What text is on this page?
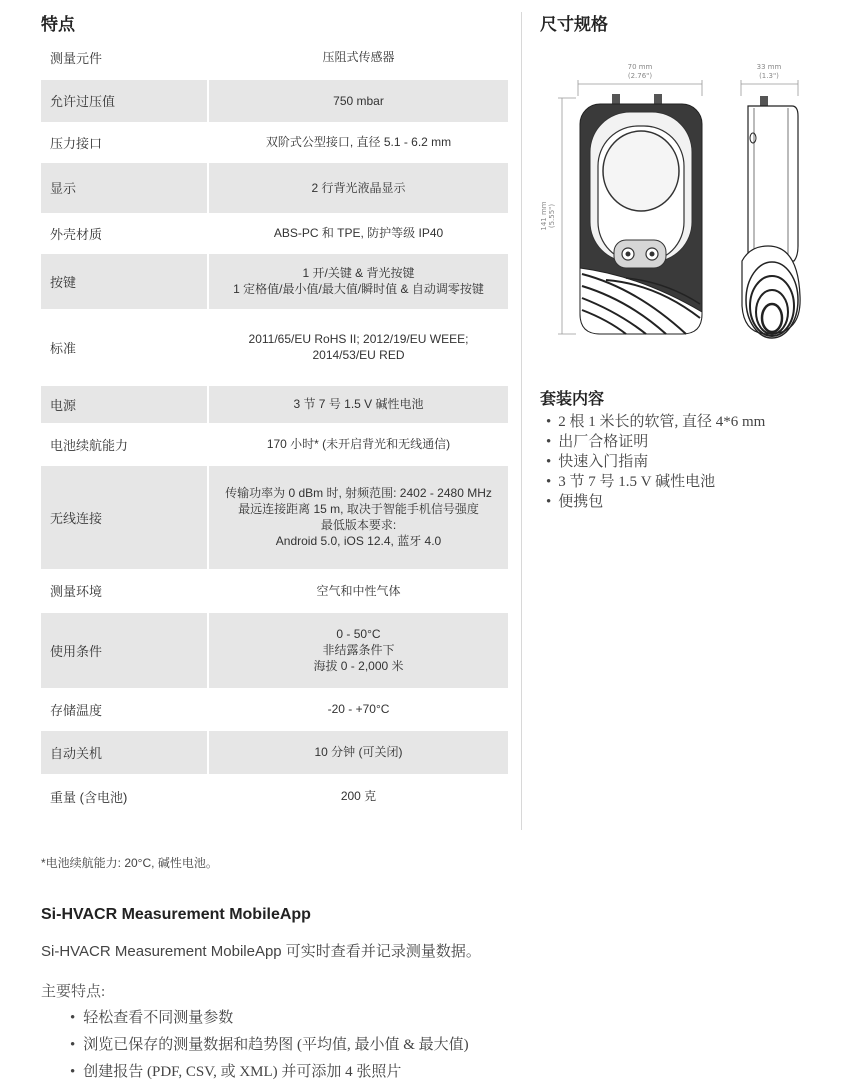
特点
测量元件	压阻式传感器

允许过压值	750 mbar

压力接口	双阶式公型接口, 直径 5.1 - 6.2 mm

显示	2 行背光液晶显示

外壳材质	ABS-PC 和 TPE, 防护等级 IP40

按键	1 开/关键 & 背光按键
1 定格值/最小值/最大值/瞬时值 & 自动调零按键

标准	2011/65/EU RoHS II; 2012/19/EU WEEE;
2014/53/EU RED

电源	3 节 7 号 1.5 V 碱性电池

电池续航能力	170 小时* (未开启背光和无线通信)

无线连接	传输功率为 0 dBm 时, 射频范围: 2402 - 2480 MHz
最远连接距离 15 m, 取决于智能手机信号强度
最低版本要求:
Android 5.0, iOS 12.4, 蓝牙 4.0

测量环境	空气和中性气体

使用条件	0 - 50°C
非结露条件下
海拔 0 - 2,000 米

存储温度	-20 - +70°C

自动关机	10 分钟 (可关闭)

重量 (含电池)	200 克
*电池续航能力: 20°C, 碱性电池。
Si-HVACR Measurement MobileApp
Si-HVACR Measurement MobileApp 可实时查看并记录测量数据。
主要特点:
• 轻松查看不同测量参数
• 浏览已保存的测量数据和趋势图 (平均值, 最小值 & 最大值)
• 创建报告 (PDF, CSV, 或 XML) 并可添加 4 张照片
尺寸规格
70 mm
(2.76")
33 mm
(1.3")
141 mm (5.55")
套装内容
• 2 根 1 米长的软管, 直径 4*6 mm
• 出厂合格证明
• 快速入门指南
• 3 节 7 号 1.5 V 碱性电池
• 便携包
